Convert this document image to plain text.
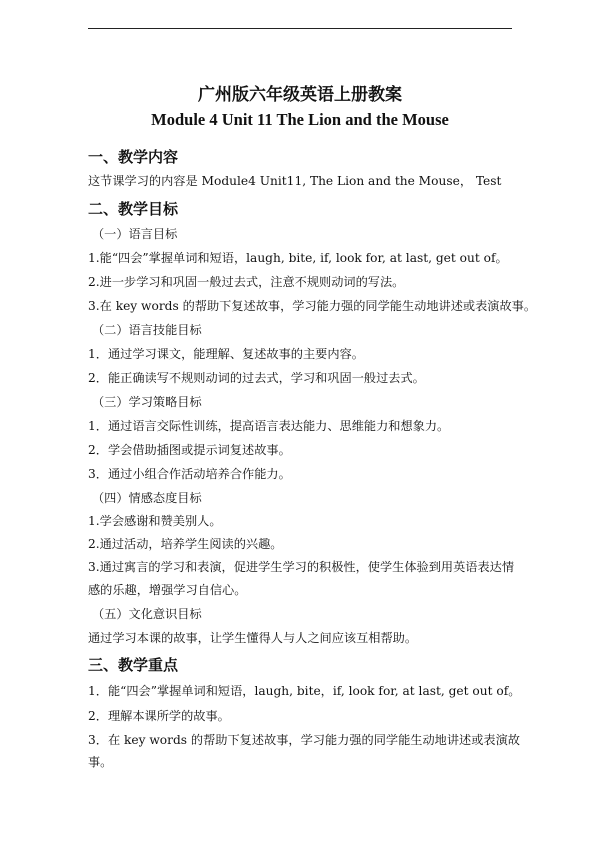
广州版六年级英语上册教案
Module 4 Unit 11 The Lion and the Mouse
一、教学内容
这节课学习的内容是 Module4 Unit11, The Lion and the Mouse， Test
二、教学目标
（一）语言目标
1.能“四会”掌握单词和短语，laugh, bite, if, look for, at last, get out of。
2.进一步学习和巩固一般过去式，注意不规则动词的写法。
3.在 key words 的帮助下复述故事，学习能力强的同学能生动地讲述或表演故事。
（二）语言技能目标
1．通过学习课文，能理解、复述故事的主要内容。
2．能正确读写不规则动词的过去式，学习和巩固一般过去式。
（三）学习策略目标
1．通过语言交际性训练，提高语言表达能力、思维能力和想象力。
2．学会借助插图或提示词复述故事。
3．通过小组合作活动培养合作能力。
（四）情感态度目标
1.学会感谢和赞美别人。
2.通过活动，培养学生阅读的兴趣。
3.通过寓言的学习和表演，促进学生学习的积极性，使学生体验到用英语表达情
感的乐趣，增强学习自信心。
（五）文化意识目标
通过学习本课的故事，让学生懂得人与人之间应该互相帮助。
三、教学重点
1．能“四会”掌握单词和短语，laugh, bite，if, look for, at last, get out of。
2．理解本课所学的故事。
3．在 key words 的帮助下复述故事，学习能力强的同学能生动地讲述或表演故
事。
